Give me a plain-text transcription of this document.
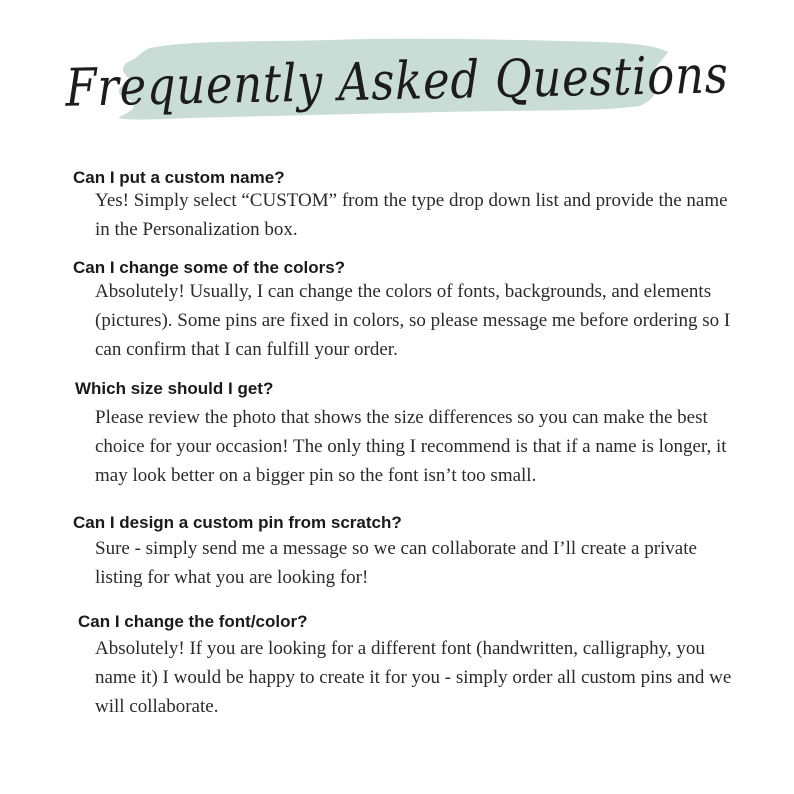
Frequently Asked Questions
Can I put a custom name?

Yes! Simply select “CUSTOM” from the type drop down list and provide the name in the Personalization box.

Can I change some of the colors?

Absolutely! Usually, I can change the colors of fonts, backgrounds, and elements (pictures). Some pins are fixed in colors, so please message me before ordering so I can confirm that I can fulfill your order.

Which size should I get?

Please review the photo that shows the size differences so you can make the best choice for your occasion! The only thing I recommend is that if a name is longer, it may look better on a bigger pin so the font isn’t too small.

Can I design a custom pin from scratch?

Sure - simply send me a message so we can collaborate and I’ll create a private listing for what you are looking for!

Can I change the font/color?

Absolutely! If you are looking for a different font (handwritten, calligraphy, you name it) I would be happy to create it for you - simply order all custom pins and we will collaborate.
